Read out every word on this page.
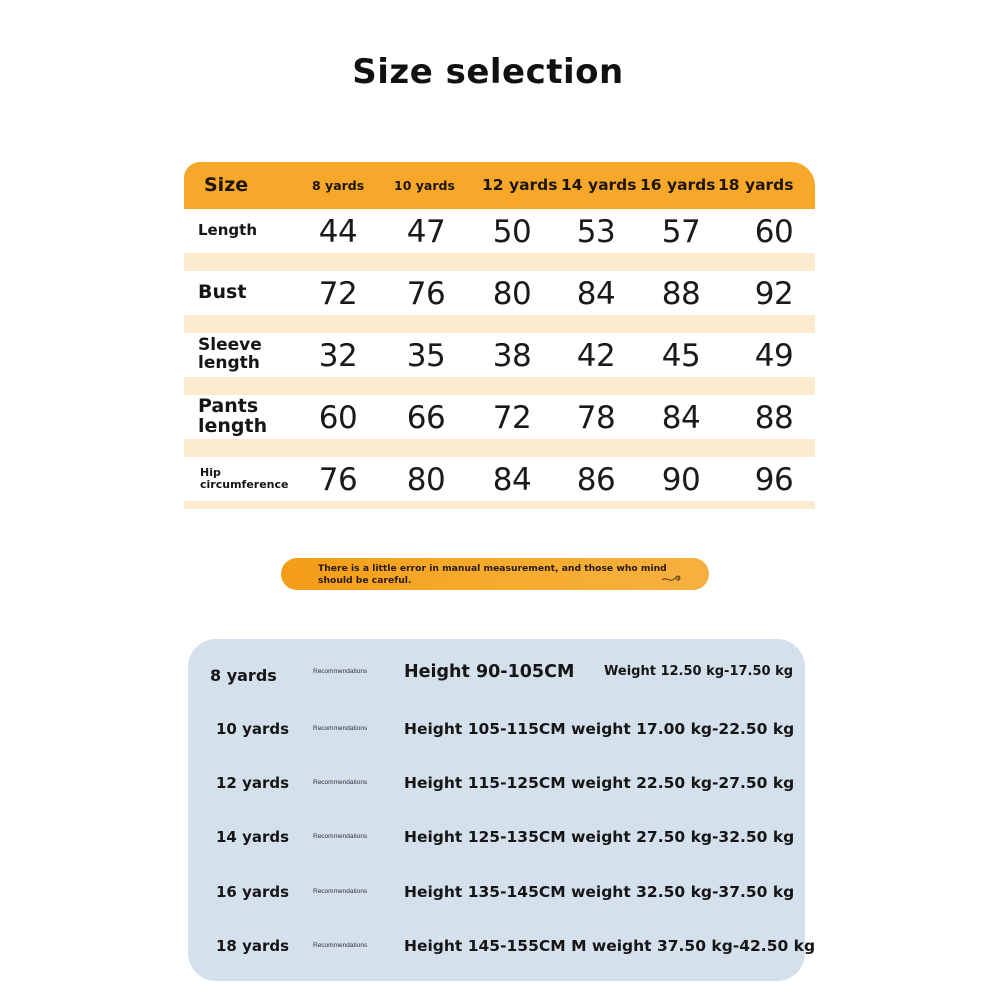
Size selection
Size	8 yards 10 yards 12 yards 14 yards 16 yards 18 yards
Length	44	47	50	53	57	60
Bust	72	76	80	84	88	92
Sleeve length	32	35	38	42	45	49
Pants length	60	66	72	78	84	88
Hip circumference 76	80	84	86	90	96
There is a little error in manual measurement, and those who mind should be careful.
8 yards	Recommendations Height 90-105CM Weight 12.50 kg-17.50 kg
10 yards	Recommendations Height 105-115CM weight 17.00 kg-22.50 kg
12 yards	Recommendations Height 115-125CM weight 22.50 kg-27.50 kg
14 yards	Recommendations Height 125-135CM weight 27.50 kg-32.50 kg
16 yards	Recommendations Height 135-145CM weight 32.50 kg-37.50 kg
18 yards	Recommendations Height 145-155CM M weight 37.50 kg-42.50 kg
